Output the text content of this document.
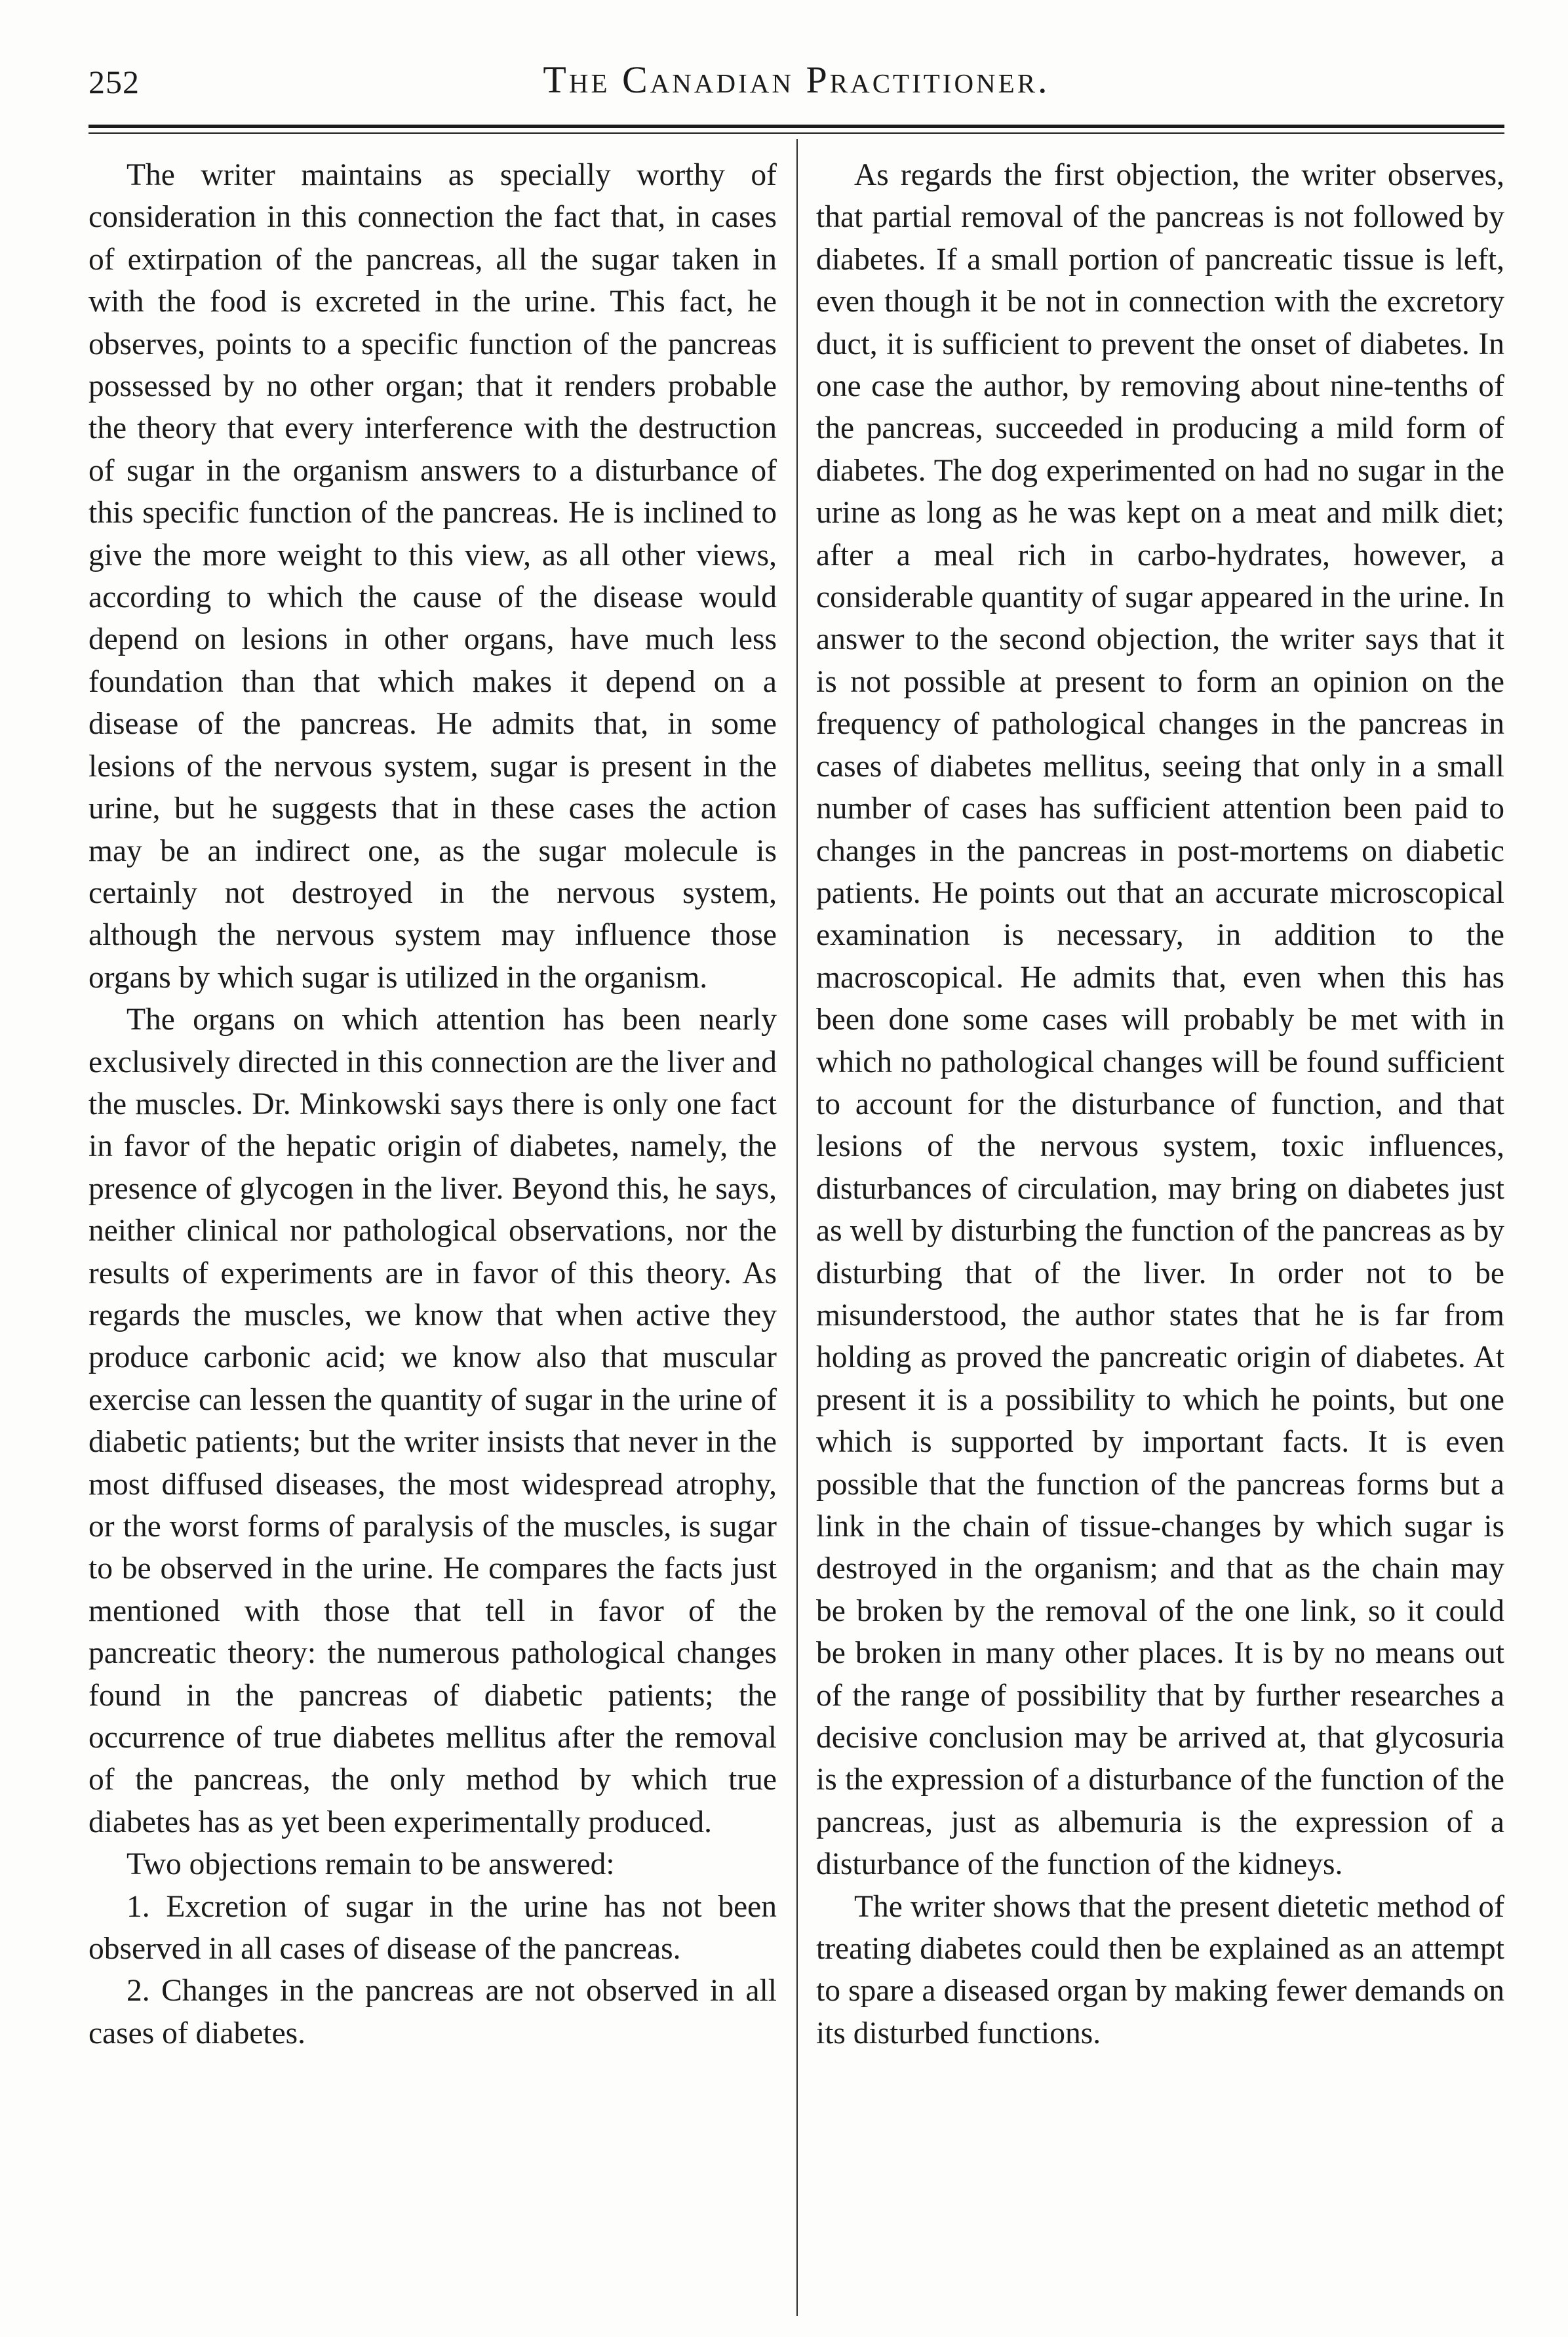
252	The Canadian Practitioner.

The writer maintains as specially worthy of consideration in this connection the fact that, in cases of extirpation of the pancreas, all the sugar taken in with the food is excreted in the urine. This fact, he observes, points to a specific function of the pancreas possessed by no other organ; that it renders probable the theory that every interference with the destruction of sugar in the organism answers to a disturbance of this specific function of the pancreas. He is inclined to give the more weight to this view, as all other views, according to which the cause of the disease would depend on lesions in other organs, have much less foundation than that which makes it depend on a disease of the pancreas. He admits that, in some lesions of the nervous system, sugar is present in the urine, but he suggests that in these cases the action may be an indirect one, as the sugar molecule is certainly not destroyed in the nervous system, although the nervous system may influence those organs by which sugar is utilized in the organism.

The organs on which attention has been nearly exclusively directed in this connection are the liver and the muscles. Dr. Minkowski says there is only one fact in favor of the hepatic origin of diabetes, namely, the presence of glycogen in the liver. Beyond this, he says, neither clinical nor pathological observations, nor the results of experiments are in favor of this theory. As regards the muscles, we know that when active they produce carbonic acid; we know also that muscular exercise can lessen the quantity of sugar in the urine of diabetic patients; but the writer insists that never in the most diffused diseases, the most widespread atrophy, or the worst forms of paralysis of the muscles, is sugar to be observed in the urine. He compares the facts just mentioned with those that tell in favor of the pancreatic theory: the numerous pathological changes found in the pancreas of diabetic patients; the occurrence of true diabetes mellitus after the removal of the pancreas, the only method by which true diabetes has as yet been experimentally produced.

Two objections remain to be answered:

1. Excretion of sugar in the urine has not been observed in all cases of disease of the pancreas.

2. Changes in the pancreas are not observed in all cases of diabetes.

As regards the first objection, the writer observes, that partial removal of the pancreas is not followed by diabetes. If a small portion of pancreatic tissue is left, even though it be not in connection with the excretory duct, it is sufficient to prevent the onset of diabetes. In one case the author, by removing about nine-tenths of the pancreas, succeeded in producing a mild form of diabetes. The dog experimented on had no sugar in the urine as long as he was kept on a meat and milk diet; after a meal rich in carbo-hydrates, however, a considerable quantity of sugar appeared in the urine. In answer to the second objection, the writer says that it is not possible at present to form an opinion on the frequency of pathological changes in the pancreas in cases of diabetes mellitus, seeing that only in a small number of cases has sufficient attention been paid to changes in the pancreas in post-mortems on diabetic patients. He points out that an accurate microscopical examination is necessary, in addition to the macroscopical. He admits that, even when this has been done some cases will probably be met with in which no pathological changes will be found sufficient to account for the disturbance of function, and that lesions of the nervous system, toxic influences, disturbances of circulation, may bring on diabetes just as well by disturbing the function of the pancreas as by disturbing that of the liver. In order not to be misunderstood, the author states that he is far from holding as proved the pancreatic origin of diabetes. At present it is a possibility to which he points, but one which is supported by important facts. It is even possible that the function of the pancreas forms but a link in the chain of tissue-changes by which sugar is destroyed in the organism; and that as the chain may be broken by the removal of the one link, so it could be broken in many other places. It is by no means out of the range of possibility that by further researches a decisive conclusion may be arrived at, that glycosuria is the expression of a disturbance of the function of the pancreas, just as albemuria is the expression of a disturbance of the function of the kidneys.

The writer shows that the present dietetic method of treating diabetes could then be explained as an attempt to spare a diseased organ by making fewer demands on its disturbed functions.
